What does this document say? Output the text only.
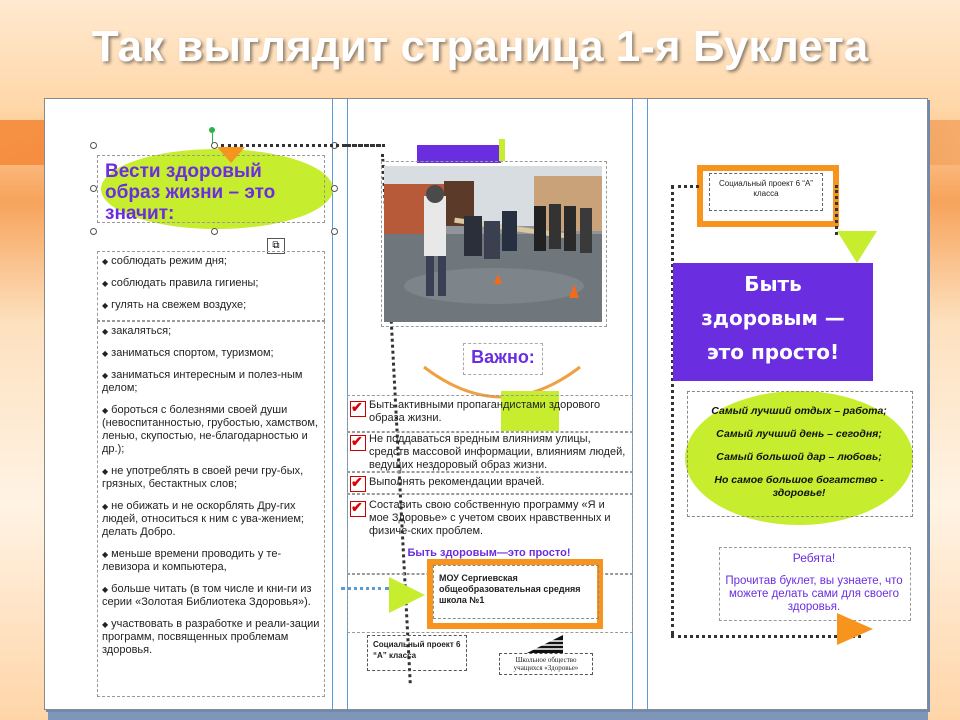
Так выглядит страница 1-я Буклета
Вести здоровый образ жизни – это значит:
⧉
◆ соблюдать режим дня;
◆ соблюдать правила гигиены;
◆ гулять на свежем воздухе;
◆ закаляться;
◆ заниматься спортом, туризмом;
◆ заниматься интересным и полез-ным делом;
◆ бороться с болезнями своей души (невоспитанностью, грубостью, хамством, ленью, скупостью, не-благодарностью и др.);
◆ не употреблять в своей речи гру-бых, грязных, бестактных слов;
◆ не обижать и не оскорблять Дру-гих людей, относиться к ним с ува-жением; делать Добро.
◆ меньше времени проводить у те-левизора и компьютера,
◆ больше читать (в том числе и кни-ги из серии «Золотая Библиотека Здоровья»).
◆ участвовать в разработке и реали-зации программ, посвященных проблемам здоровья.
Важно:
✔
Быть активными пропагандистами здорового образа жизни.
✔
Не поддаваться вредным влияниям улицы, средств массовой информации, влияниям людей, ведущих нездоровый образ жизни.
✔
Выполнять рекомендации врачей.
✔
Составить свою собственную программу «Я и мое Здоровье» с учетом своих нравственных и физиче-ских проблем.
Быть здоровым—это просто!
МОУ Сергиевская общеобразовательная средняя школа №1
Социальный проект 6 “А” класса	Школьное общество учащихся «Здоровье»
Социальный проект 6 “А” класса
Быть здоровым — это просто!
Самый лучший отдых – работа;
Самый лучший день – сегодня;
Самый большой дар – любовь;
Но самое большое богатство - здоровье!
Ребята!
Прочитав буклет, вы узнаете, что можете делать сами для своего здоровья.
